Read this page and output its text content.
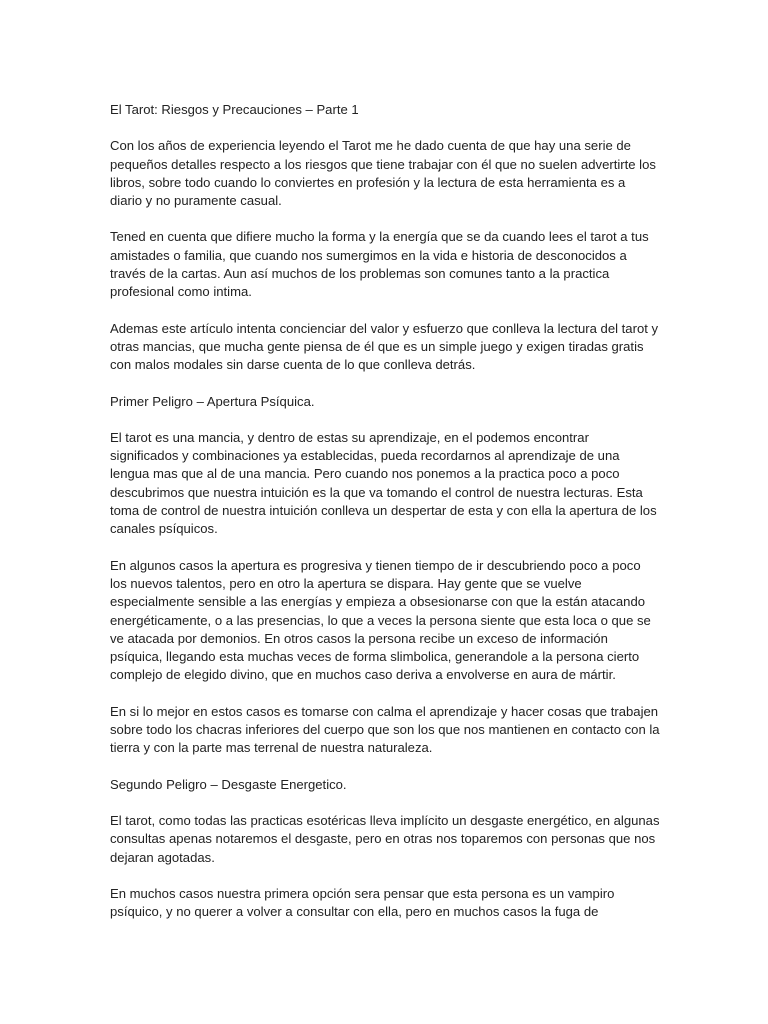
El Tarot: Riesgos y Precauciones – Parte 1

Con los años de experiencia leyendo el Tarot me he dado cuenta de que hay una serie de pequeños detalles respecto a los riesgos que tiene trabajar con él que no suelen advertirte los libros, sobre todo cuando lo conviertes en profesión y la lectura de esta herramienta es a diario y no puramente casual.

Tened en cuenta que difiere mucho la forma y la energía que se da cuando lees el tarot a tus amistades o familia, que cuando nos sumergimos en la vida e historia de desconocidos a través de la cartas. Aun así muchos de los problemas son comunes tanto a la practica profesional como intima.

Ademas este artículo intenta concienciar del valor y esfuerzo que conlleva la lectura del tarot y otras mancias, que mucha gente piensa de él que es un simple juego y exigen tiradas gratis con malos modales sin darse cuenta de lo que conlleva detrás.

Primer Peligro – Apertura Psíquica.

El tarot es una mancia, y dentro de estas su aprendizaje, en el podemos encontrar significados y combinaciones ya establecidas, pueda recordarnos al aprendizaje de una lengua mas que al de una mancia. Pero cuando nos ponemos a la practica poco a poco descubrimos que nuestra intuición es la que va tomando el control de nuestra lecturas. Esta toma de control de nuestra intuición conlleva un despertar de esta y con ella la apertura de los canales psíquicos.

En algunos casos la apertura es progresiva y tienen tiempo de ir descubriendo poco a poco los nuevos talentos, pero en otro la apertura se dispara. Hay gente que se vuelve especialmente sensible a las energías y empieza a obsesionarse con que la están atacando energéticamente, o a las presencias, lo que a veces la persona siente que esta loca o que se ve atacada por demonios. En otros casos la persona recibe un exceso de información psíquica, llegando esta muchas veces de forma slimbolica, generandole a la persona cierto complejo de elegido divino, que en muchos caso deriva a envolverse en aura de mártir.

En si lo mejor en estos casos es tomarse con calma el aprendizaje y hacer cosas que trabajen sobre todo los chacras inferiores del cuerpo que son los que nos mantienen en contacto con la tierra y con la parte mas terrenal de nuestra naturaleza.

Segundo Peligro – Desgaste Energetico.

El tarot, como todas las practicas esotéricas lleva implícito un desgaste energético, en algunas consultas apenas notaremos el desgaste, pero en otras nos toparemos con personas que nos dejaran agotadas.

En muchos casos nuestra primera opción sera pensar que esta persona es un vampiro psíquico, y no querer a volver a consultar con ella, pero en muchos casos la fuga de
